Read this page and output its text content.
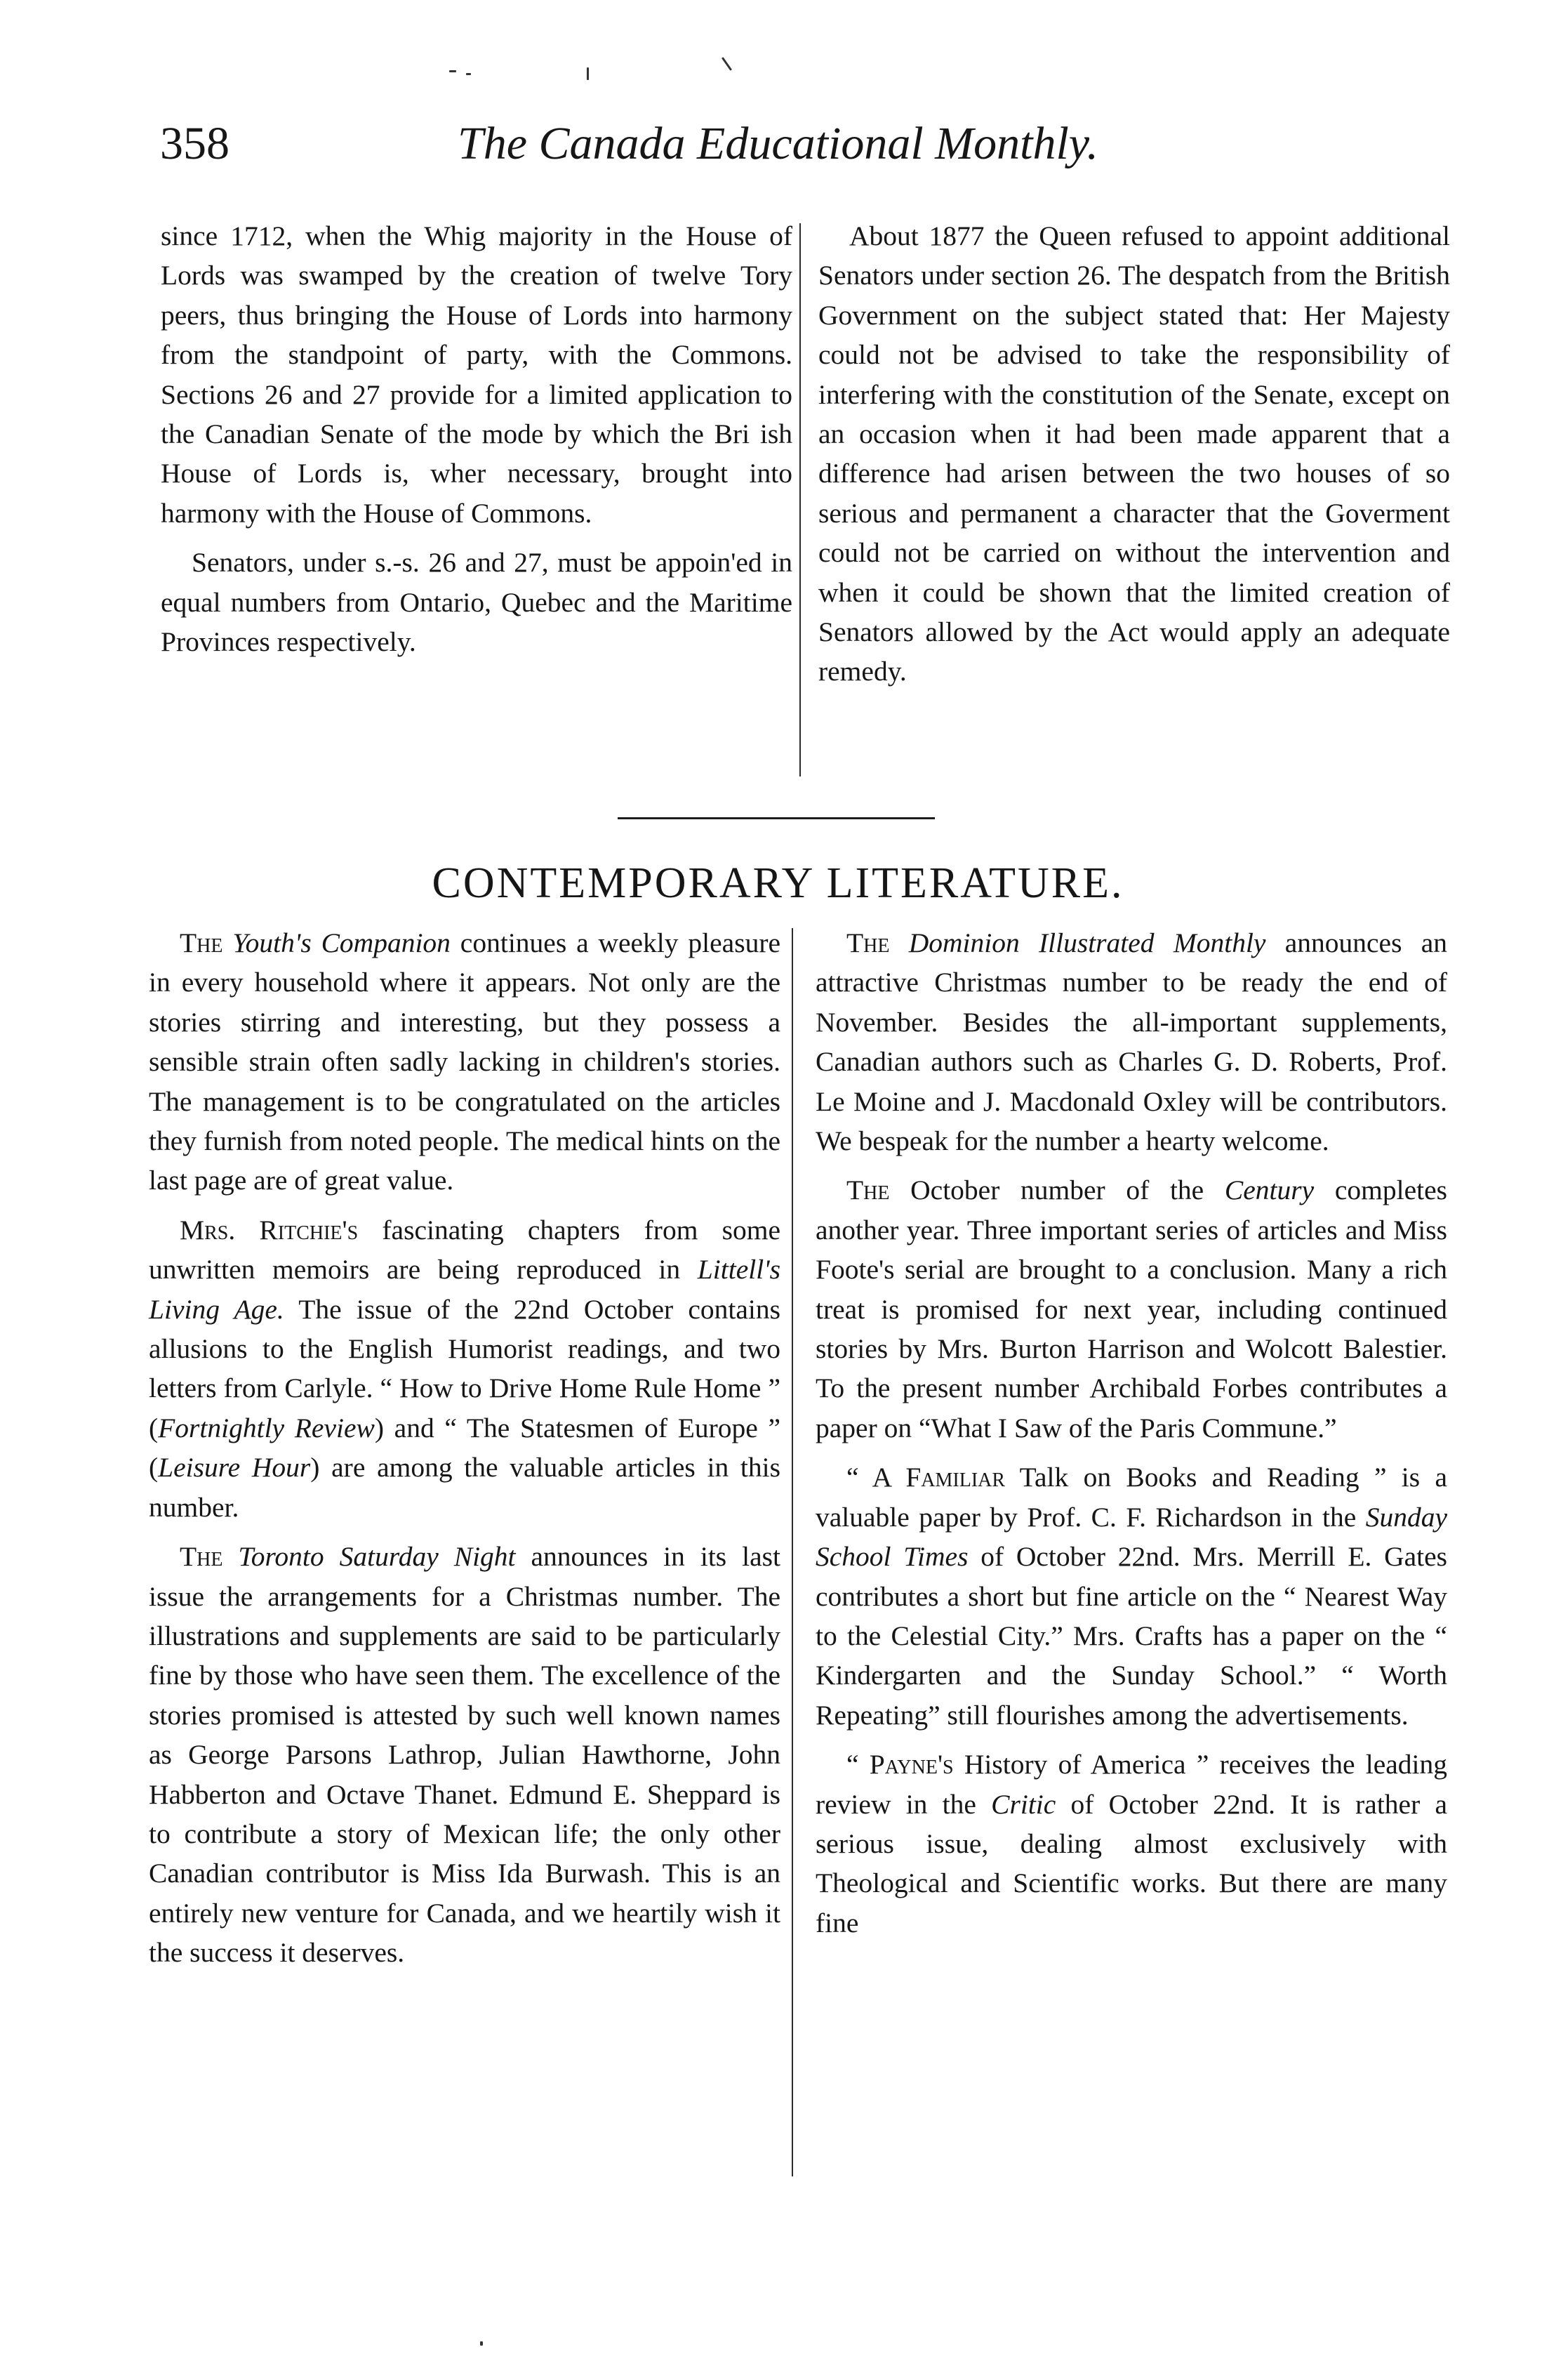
358	The Canada Educational Monthly.

since 1712, when the Whig majority in the House of Lords was swamped by the creation of twelve Tory peers, thus bringing the House of Lords into harmony from the standpoint of party, with the Commons. Sections 26 and 27 provide for a limited application to the Canadian Senate of the mode by which the Bri ish House of Lords is, wher necessary, brought into harmony with the House of Commons.

Senators, under s.-s. 26 and 27, must be appoin'ed in equal numbers from Ontario, Quebec and the Maritime Provinces respectively.

About 1877 the Queen refused to appoint additional Senators under section 26. The despatch from the British Government on the subject stated that: Her Majesty could not be advised to take the responsibility of interfering with the constitution of the Senate, except on an occasion when it had been made apparent that a difference had arisen between the two houses of so serious and permanent a character that the Goverment could not be carried on without the intervention and when it could be shown that the limited creation of Senators allowed by the Act would apply an adequate remedy.

CONTEMPORARY LITERATURE.

The Youth's Companion continues a weekly pleasure in every household where it appears. Not only are the stories stirring and interesting, but they possess a sensible strain often sadly lacking in children's stories. The management is to be congratulated on the articles they furnish from noted people. The medical hints on the last page are of great value.

Mrs. Ritchie's fascinating chapters from some unwritten memoirs are being reproduced in Littell's Living Age. The issue of the 22nd October contains allusions to the English Humorist readings, and two letters from Carlyle. “ How to Drive Home Rule Home ” (Fortnightly Review) and “ The Statesmen of Europe ” (Leisure Hour) are among the valuable articles in this number.

The Toronto Saturday Night announces in its last issue the arrangements for a Christmas number. The illustrations and supplements are said to be particularly fine by those who have seen them. The excellence of the stories promised is attested by such well known names as George Parsons Lathrop, Julian Hawthorne, John Habberton and Octave Thanet. Edmund E. Sheppard is to contribute a story of Mexican life; the only other Canadian contributor is Miss Ida Burwash. This is an entirely new venture for Canada, and we heartily wish it the success it deserves.

The Dominion Illustrated Monthly announces an attractive Christmas number to be ready the end of November. Besides the all-important supplements, Canadian authors such as Charles G. D. Roberts, Prof. Le Moine and J. Macdonald Oxley will be contributors. We bespeak for the number a hearty welcome.

The October number of the Century completes another year. Three important series of articles and Miss Foote's serial are brought to a conclusion. Many a rich treat is promised for next year, including continued stories by Mrs. Burton Harrison and Wolcott Balestier. To the present number Archibald Forbes contributes a paper on “What I Saw of the Paris Commune.”

“ A Familiar Talk on Books and Reading ” is a valuable paper by Prof. C. F. Richardson in the Sunday School Times of October 22nd. Mrs. Merrill E. Gates contributes a short but fine article on the “ Nearest Way to the Celestial City.” Mrs. Crafts has a paper on the “ Kindergarten and the Sunday School.” “ Worth Repeating” still flourishes among the advertisements.

“ Payne's History of America ” receives the leading review in the Critic of October 22nd. It is rather a serious issue, dealing almost exclusively with Theological and Scientific works. But there are many fine
